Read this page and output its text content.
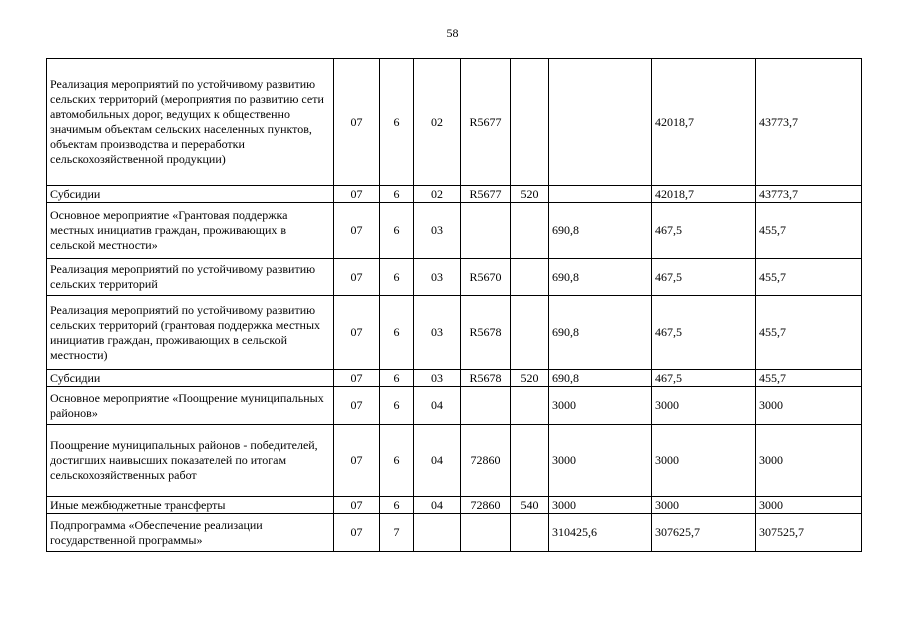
58
Реализация мероприятий по устойчивому развитию сельских территорий (мероприятия по развитию сети автомобильных дорог, ведущих к общественно значимым объектам сельских населенных пунктов, объектам производства и переработки сельскохозяйственной продукции)	07	6	02	R5677			42018,7	43773,7
Субсидии	07	6	02	R5677	520		42018,7	43773,7
Основное мероприятие «Грантовая поддержка местных инициатив граждан, проживающих в сельской местности»	07	6	03			690,8	467,5	455,7
Реализация мероприятий по устойчивому развитию сельских территорий	07	6	03	R5670		690,8	467,5	455,7
Реализация мероприятий по устойчивому развитию сельских территорий (грантовая поддержка местных инициатив граждан, проживающих в сельской местности)	07	6	03	R5678		690,8	467,5	455,7
Субсидии	07	6	03	R5678	520	690,8	467,5	455,7
Основное мероприятие «Поощрение муниципальных районов»	07	6	04			3000	3000	3000
Поощрение муниципальных районов - победителей, достигших наивысших показателей по итогам сельскохозяйственных работ	07	6	04	72860		3000	3000	3000
Иные межбюджетные трансферты	07	6	04	72860	540	3000	3000	3000
Подпрограмма «Обеспечение реализации государственной программы»	07	7				310425,6	307625,7	307525,7
